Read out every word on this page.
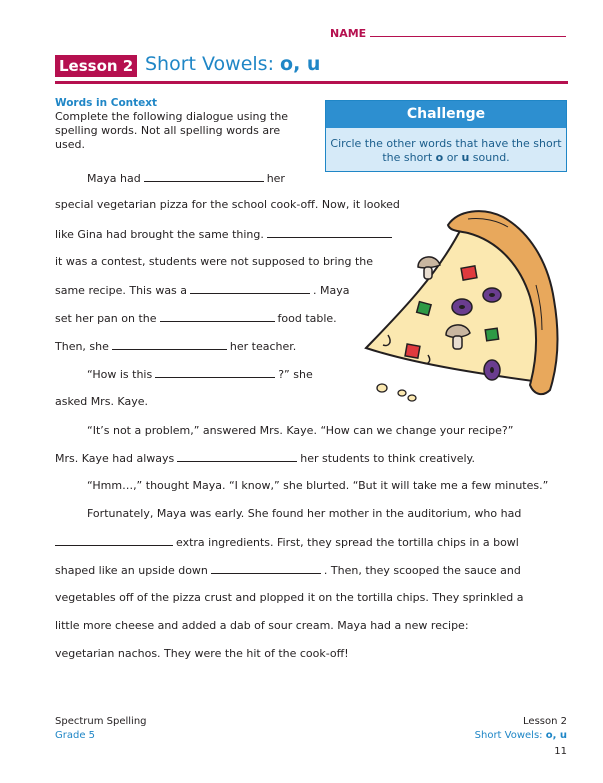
NAME
Lesson 2 Short Vowels: o, u
Words in Context
Complete the following dialogue using the spelling words. Not all spelling words are used.
Challenge
Circle the other words that have the short
the short o or u sound.
Maya had	her
special vegetarian pizza for the school cook-off. Now, it looked
like Gina had brought the same thing.
it was a contest, students were not supposed to bring the
same recipe. This was a	. Maya
set her pan on the	food table.
Then, she	her teacher.
“How is this	?” she
asked Mrs. Kaye.
“It’s not a problem,” answered Mrs. Kaye. “How can we change your recipe?”
Mrs. Kaye had always	her students to think creatively.
“Hmm…,” thought Maya. “I know,” she blurted. “But it will take me a few minutes.”
Fortunately, Maya was early. She found her mother in the auditorium, who had
extra ingredients. First, they spread the tortilla chips in a bowl
shaped like an upside down	. Then, they scooped the sauce and
vegetables off of the pizza crust and plopped it on the tortilla chips. They sprinkled a
little more cheese and added a dab of sour cream. Maya had a new recipe:
vegetarian nachos. They were the hit of the cook-off!
Spectrum Spelling
Grade 5
Lesson 2
Short Vowels: o, u
11
